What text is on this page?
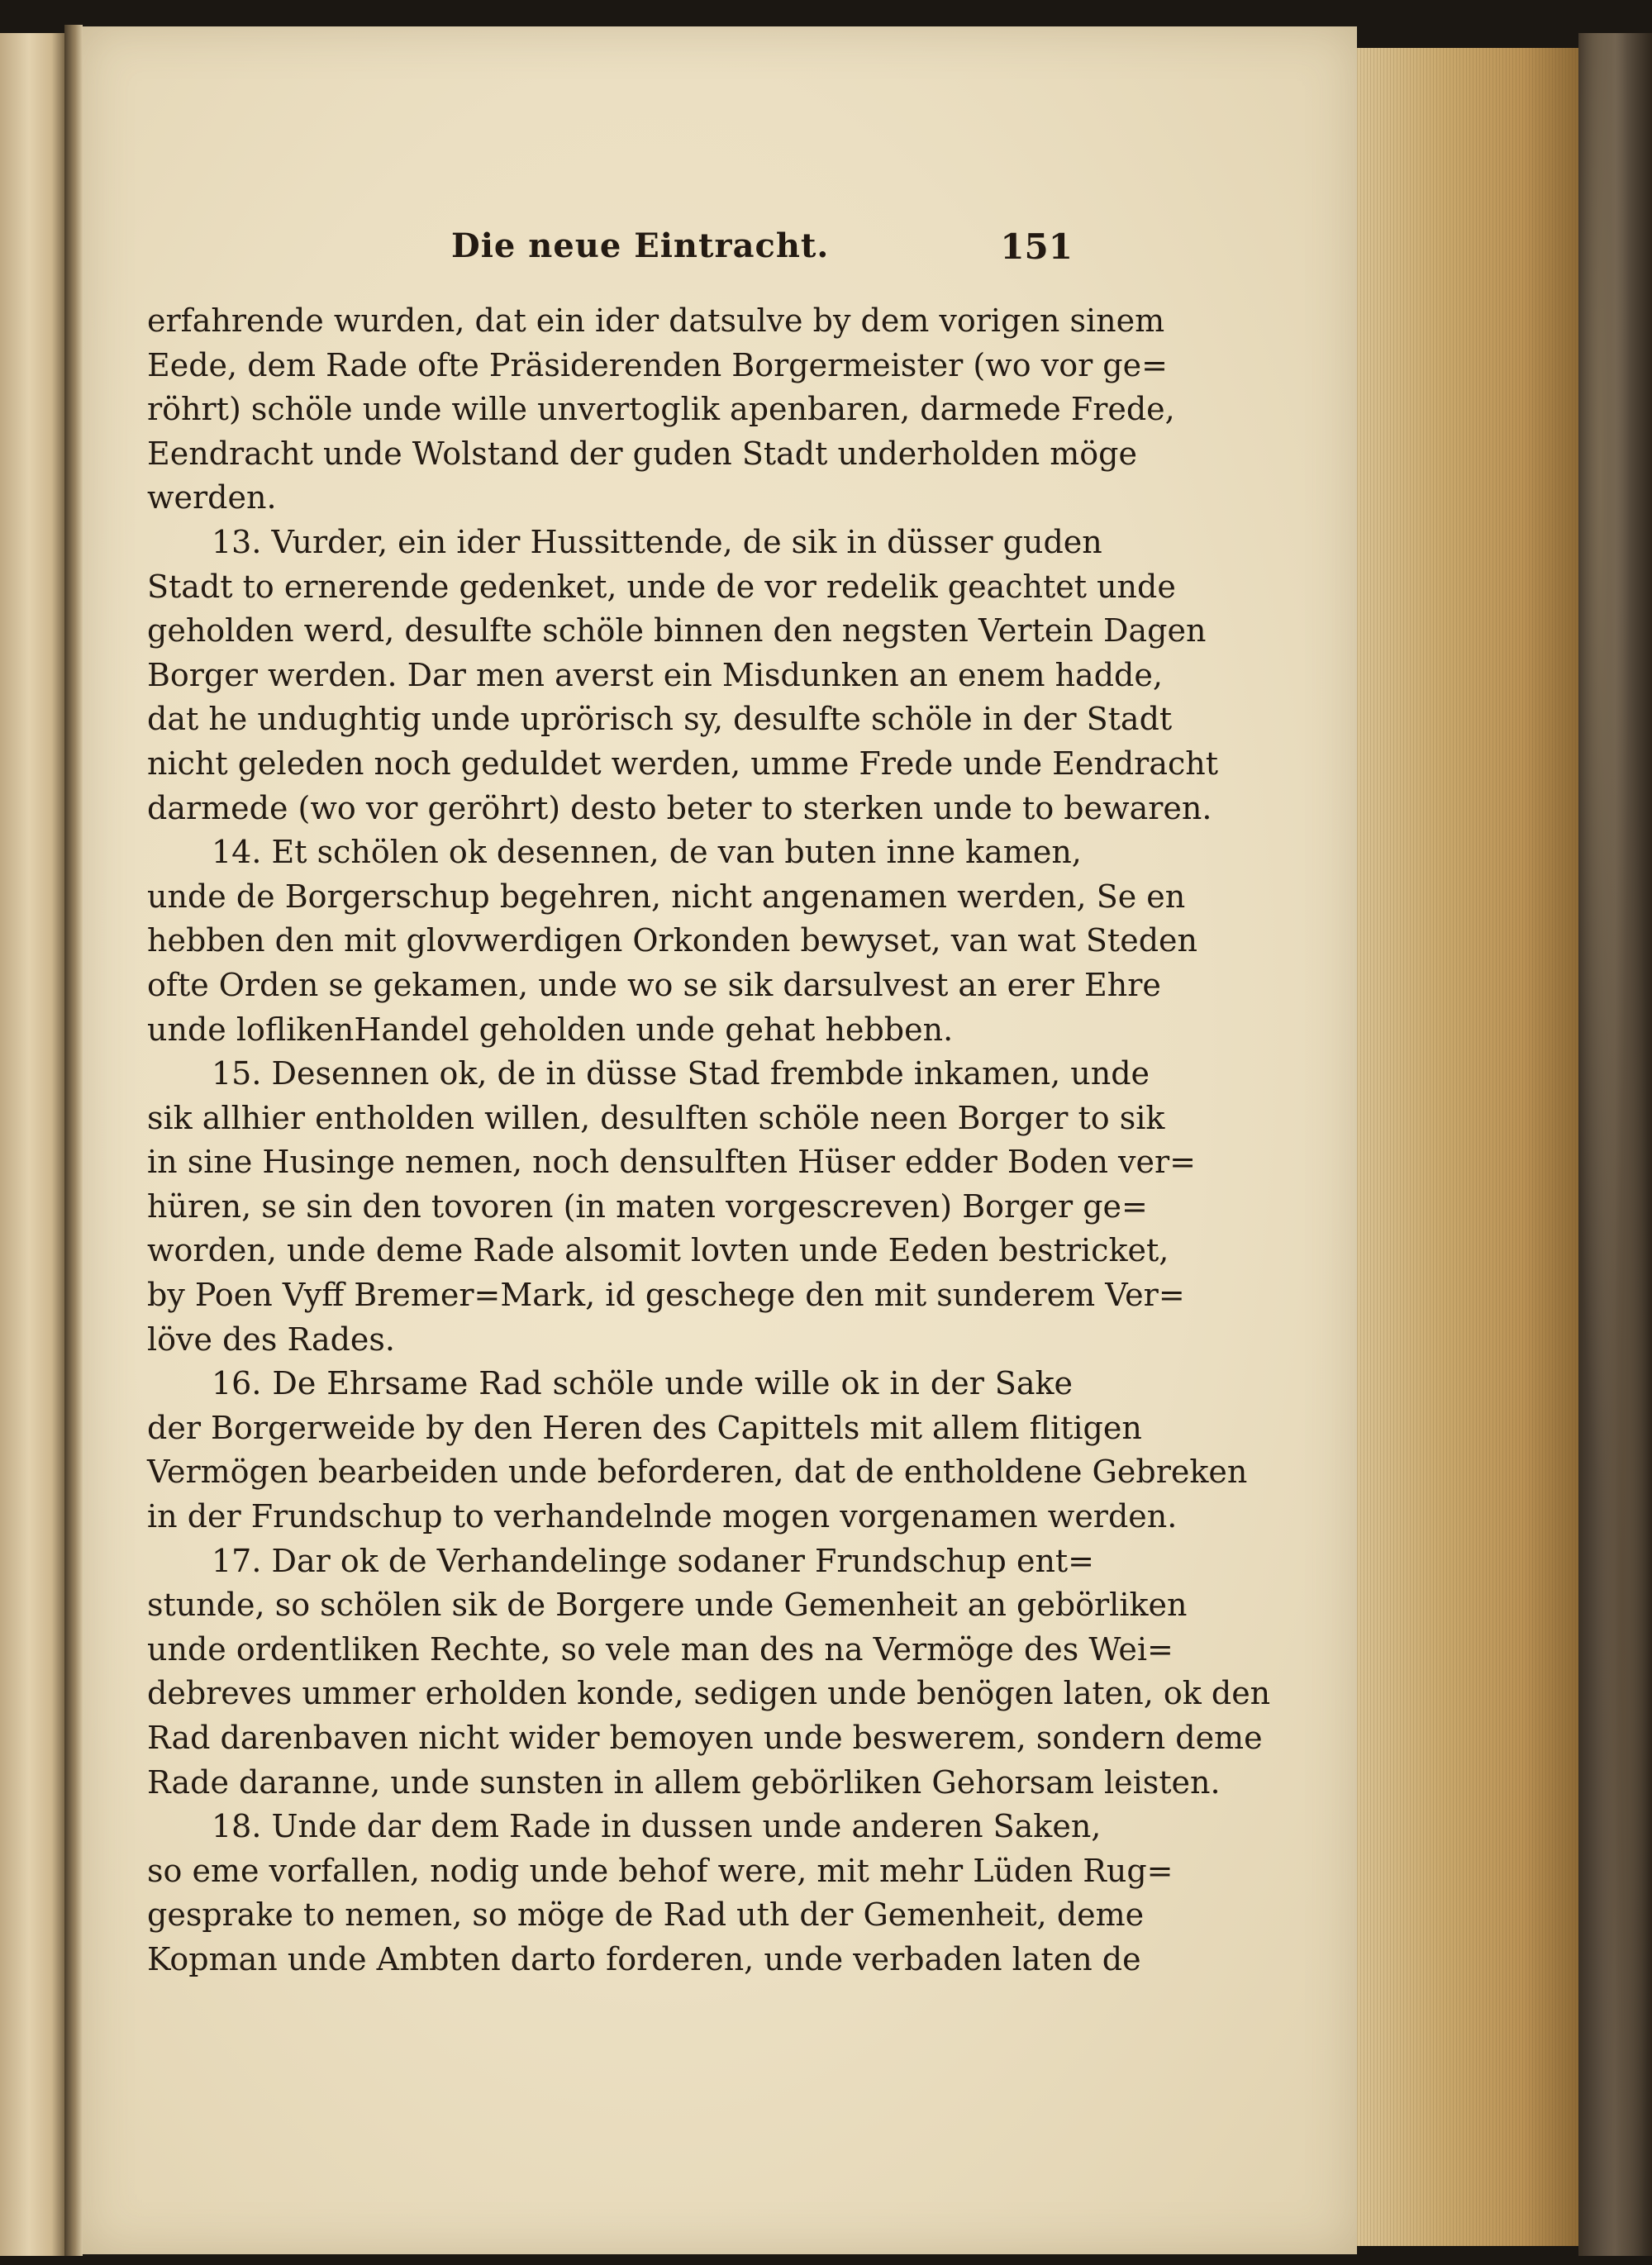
Die neue Eintracht.	151
erfahrende wurden, dat ein ider datsulve by dem vorigen sinem
Eede, dem Rade ofte Präsiderenden Borgermeister (wo vor ge=
röhrt) schöle unde wille unvertoglik apenbaren, darmede Frede,
Eendracht unde Wolstand der guden Stadt underholden möge
werden.
13. Vurder, ein ider Hussittende, de sik in düsser guden
Stadt to ernerende gedenket, unde de vor redelik geachtet unde
geholden werd, desulfte schöle binnen den negsten Vertein Dagen
Borger werden. Dar men averst ein Misdunken an enem hadde,
dat he undughtig unde uprörisch sy, desulfte schöle in der Stadt
nicht geleden noch geduldet werden, umme Frede unde Eendracht
darmede (wo vor geröhrt) desto beter to sterken unde to bewaren.
14. Et schölen ok desennen, de van buten inne kamen,
unde de Borgerschup begehren, nicht angenamen werden, Se en
hebben den mit glovwerdigen Orkonden bewyset, van wat Steden
ofte Orden se gekamen, unde wo se sik darsulvest an erer Ehre
unde loflikenHandel geholden unde gehat hebben.
15. Desennen ok, de in düsse Stad frembde inkamen, unde
sik allhier entholden willen, desulften schöle neen Borger to sik
in sine Husinge nemen, noch densulften Hüser edder Boden ver=
hüren, se sin den tovoren (in maten vorgescreven) Borger ge=
worden, unde deme Rade alsomit lovten unde Eeden bestricket,
by Poen Vyff Bremer=Mark, id geschege den mit sunderem Ver=
löve des Rades.
16. De Ehrsame Rad schöle unde wille ok in der Sake
der Borgerweide by den Heren des Capittels mit allem flitigen
Vermögen bearbeiden unde beforderen, dat de entholdene Gebreken
in der Frundschup to verhandelnde mogen vorgenamen werden.
17. Dar ok de Verhandelinge sodaner Frundschup ent=
stunde, so schölen sik de Borgere unde Gemenheit an gebörliken
unde ordentliken Rechte, so vele man des na Vermöge des Wei=
debreves ummer erholden konde, sedigen unde benögen laten, ok den
Rad darenbaven nicht wider bemoyen unde beswerem, sondern deme
Rade daranne, unde sunsten in allem gebörliken Gehorsam leisten.
18. Unde dar dem Rade in dussen unde anderen Saken,
so eme vorfallen, nodig unde behof were, mit mehr Lüden Rug=
gesprake to nemen, so möge de Rad uth der Gemenheit, deme
Kopman unde Ambten darto forderen, unde verbaden laten de
